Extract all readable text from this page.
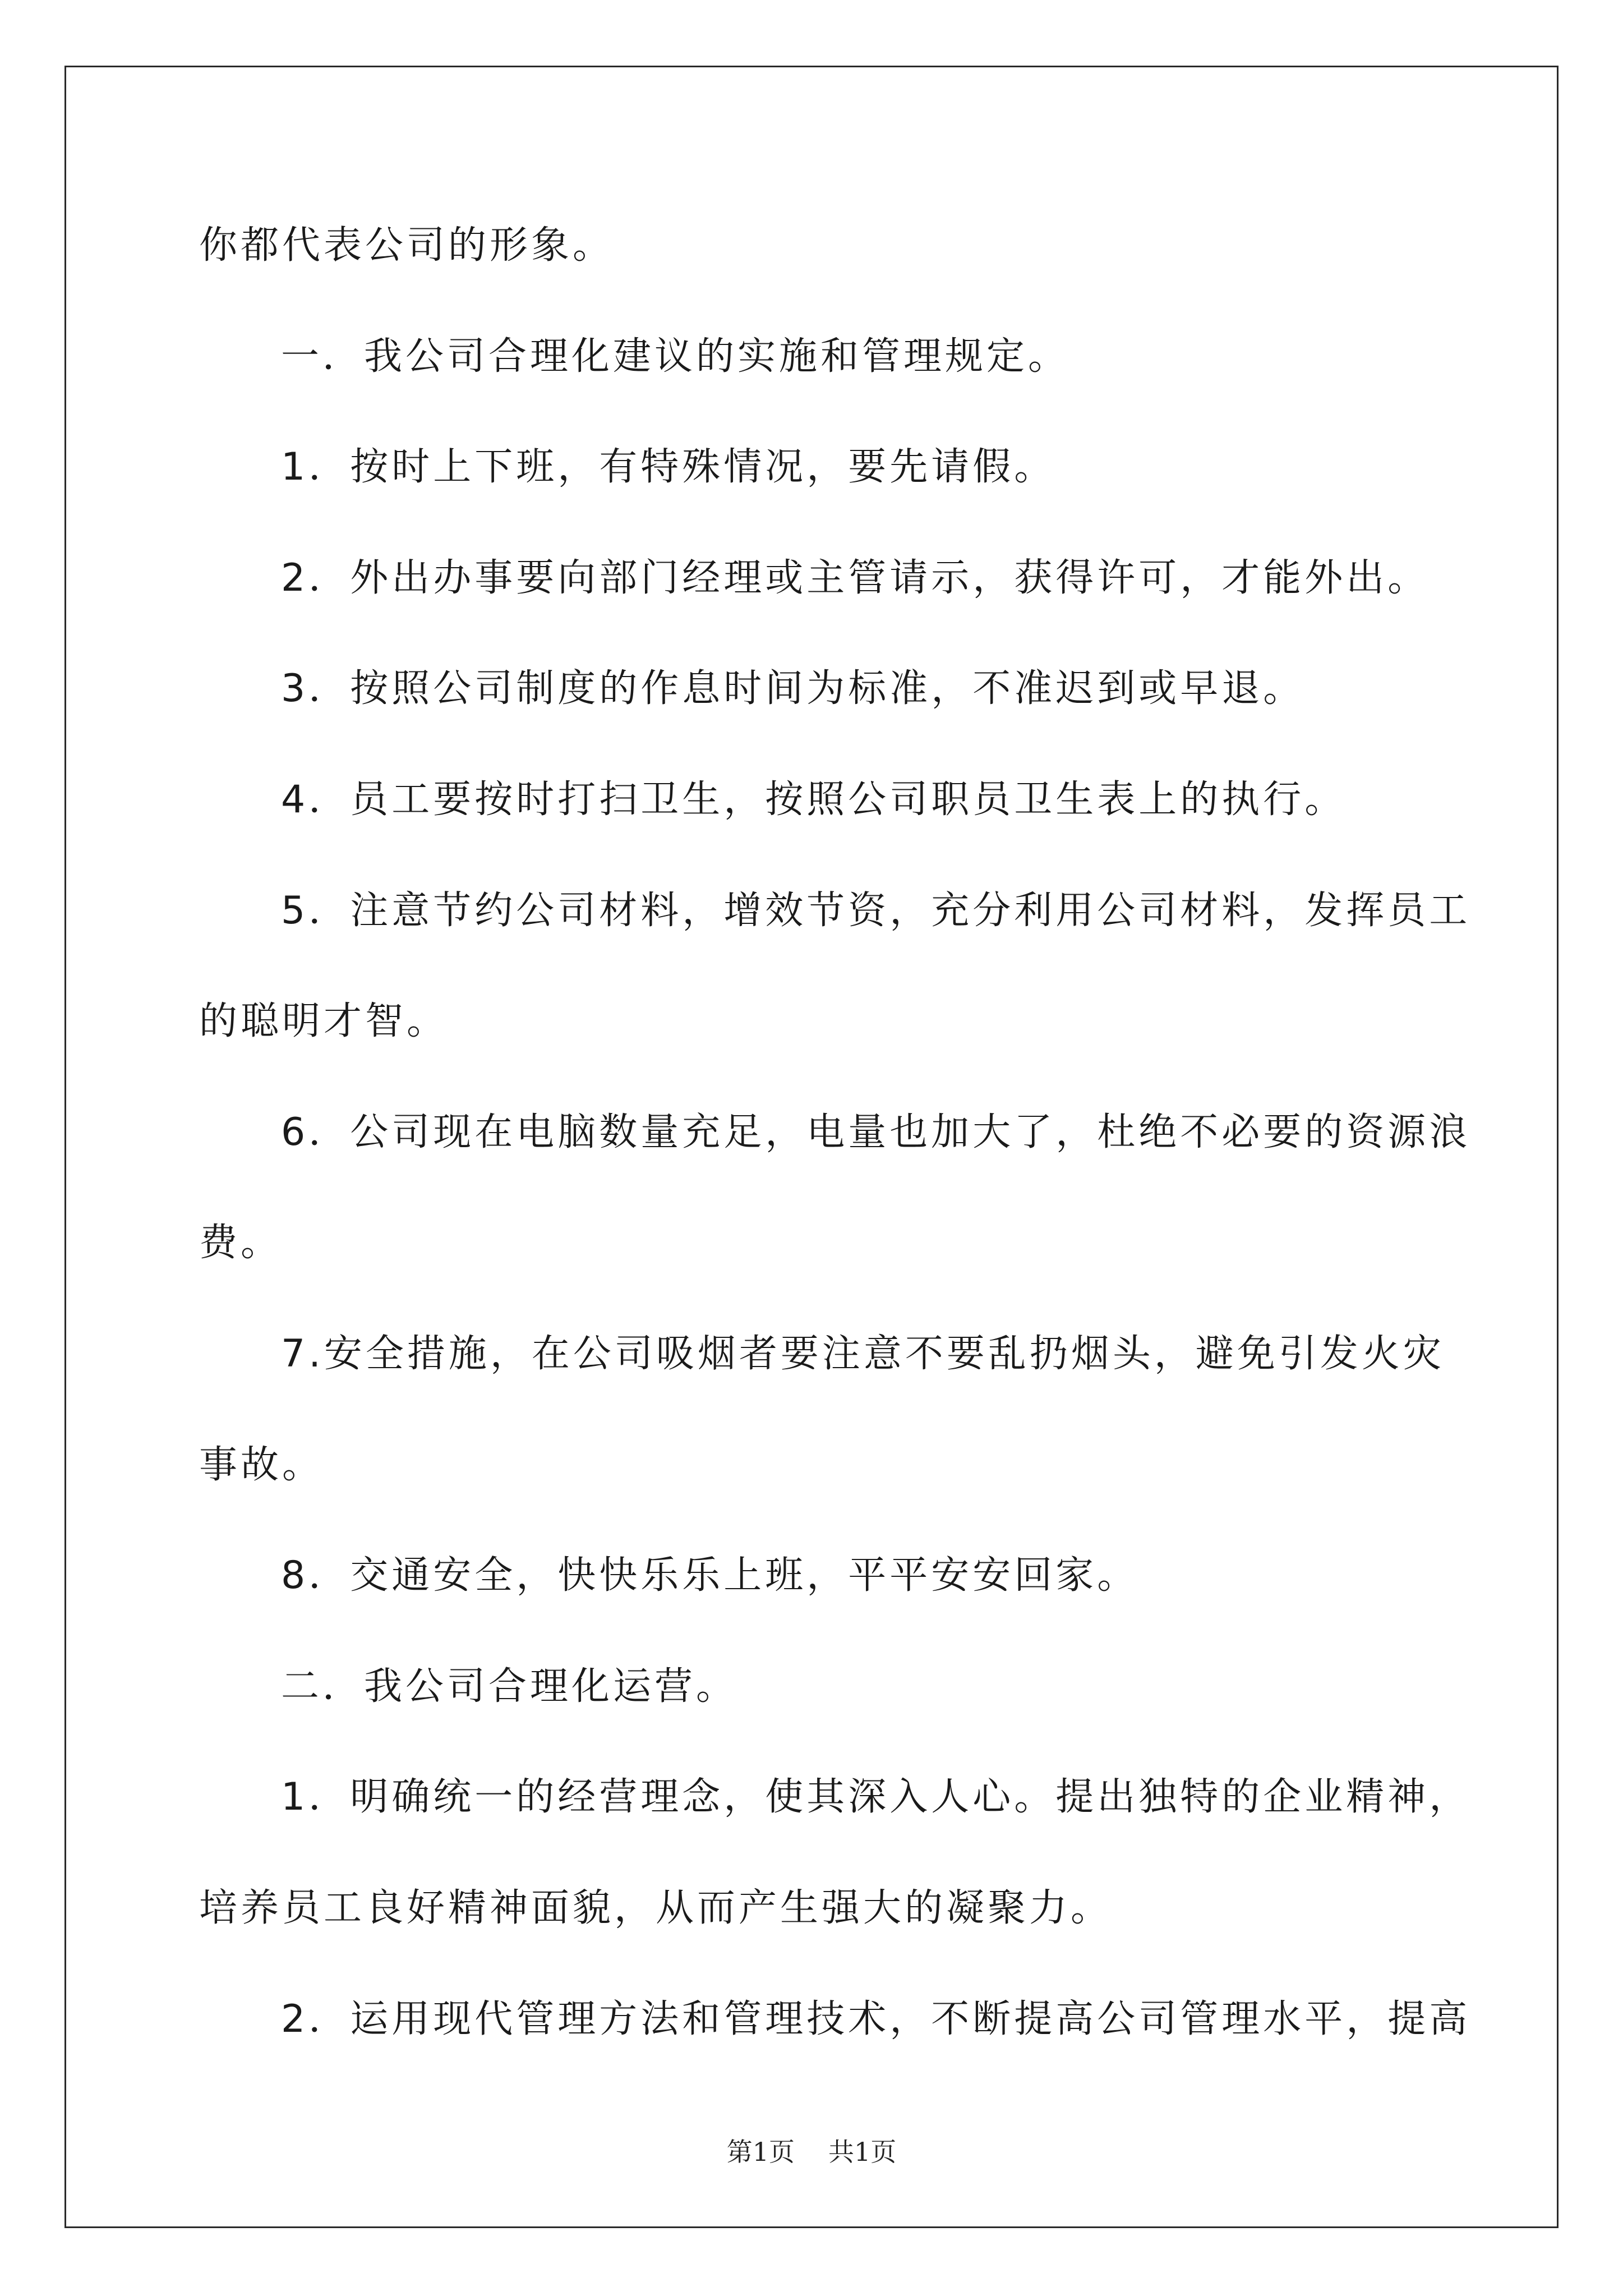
你都代表公司的形象。
一．我公司合理化建议的实施和管理规定。
1．按时上下班，有特殊情况，要先请假。
2．外出办事要向部门经理或主管请示，获得许可，才能外出。
3．按照公司制度的作息时间为标准，不准迟到或早退。
4．员工要按时打扫卫生，按照公司职员卫生表上的执行。
5．注意节约公司材料，增效节资，充分利用公司材料，发挥员工
的聪明才智。
6．公司现在电脑数量充足，电量也加大了，杜绝不必要的资源浪
费。
7.安全措施，在公司吸烟者要注意不要乱扔烟头，避免引发火灾
事故。
8．交通安全，快快乐乐上班，平平安安回家。
二．我公司合理化运营。
1．明确统一的经营理念，使其深入人心。提出独特的企业精神，
培养员工良好精神面貌，从而产生强大的凝聚力。
2．运用现代管理方法和管理技术，不断提高公司管理水平，提高
第1页 共1页
